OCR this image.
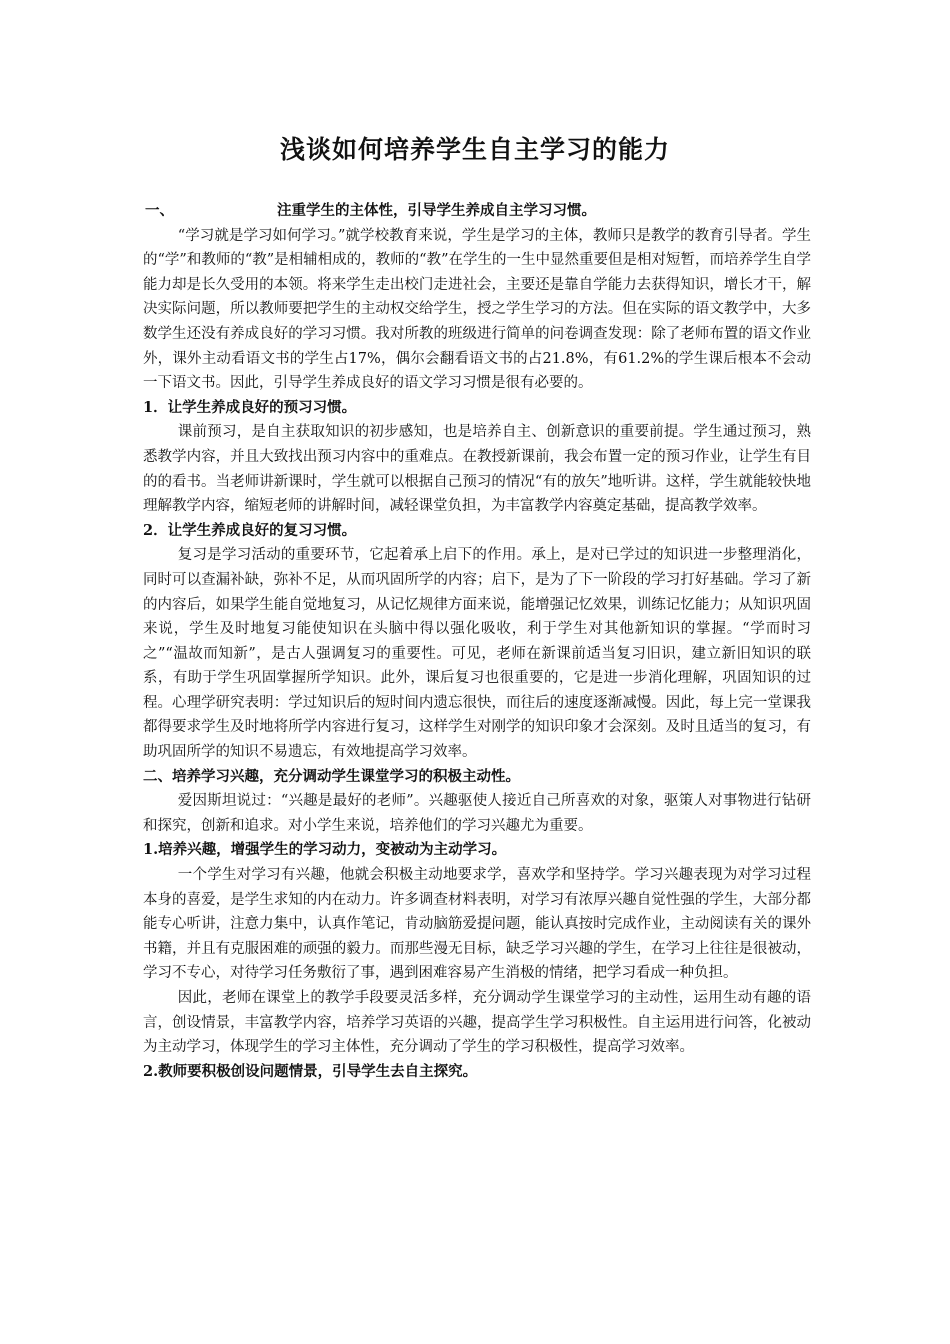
浅谈如何培养学生自主学习的能力
一、	注重学生的主体性，引导学生养成自主学习习惯。

“学习就是学习如何学习。”就学校教育来说，学生是学习的主体，教师只是教学的教育引导者。学生的“学”和教师的“教”是相辅相成的，教师的“教”在学生的一生中显然重要但是相对短暂，而培养学生自学能力却是长久受用的本领。将来学生走出校门走进社会，主要还是靠自学能力去获得知识，增长才干，解决实际问题，所以教师要把学生的主动权交给学生，授之学生学习的方法。但在实际的语文教学中，大多数学生还没有养成良好的学习习惯。我对所教的班级进行简单的问卷调查发现：除了老师布置的语文作业外，课外主动看语文书的学生占17%，偶尔会翻看语文书的占21.8%，有61.2%的学生课后根本不会动一下语文书。因此，引导学生养成良好的语文学习习惯是很有必要的。

1．让学生养成良好的预习习惯。

课前预习，是自主获取知识的初步感知，也是培养自主、创新意识的重要前提。学生通过预习，熟悉教学内容，并且大致找出预习内容中的重难点。在教授新课前，我会布置一定的预习作业，让学生有目的的看书。当老师讲新课时，学生就可以根据自己预习的情况“有的放矢”地听讲。这样，学生就能较快地理解教学内容，缩短老师的讲解时间，减轻课堂负担，为丰富教学内容奠定基础，提高教学效率。

2．让学生养成良好的复习习惯。

复习是学习活动的重要环节，它起着承上启下的作用。承上，是对已学过的知识进一步整理消化，同时可以查漏补缺，弥补不足，从而巩固所学的内容；启下，是为了下一阶段的学习打好基础。学习了新的内容后，如果学生能自觉地复习，从记忆规律方面来说，能增强记忆效果，训练记忆能力；从知识巩固来说，学生及时地复习能使知识在头脑中得以强化吸收，利于学生对其他新知识的掌握。“学而时习之”“温故而知新”，是古人强调复习的重要性。可见，老师在新课前适当复习旧识，建立新旧知识的联系，有助于学生巩固掌握所学知识。此外，课后复习也很重要的，它是进一步消化理解，巩固知识的过程。心理学研究表明：学过知识后的短时间内遗忘很快，而往后的速度逐渐减慢。因此，每上完一堂课我都得要求学生及时地将所学内容进行复习，这样学生对刚学的知识印象才会深刻。及时且适当的复习，有助巩固所学的知识不易遗忘，有效地提高学习效率。

二、培养学习兴趣，充分调动学生课堂学习的积极主动性。

爱因斯坦说过：“兴趣是最好的老师”。兴趣驱使人接近自己所喜欢的对象，驱策人对事物进行钻研和探究，创新和追求。对小学生来说，培养他们的学习兴趣尤为重要。

1.培养兴趣，增强学生的学习动力，变被动为主动学习。

一个学生对学习有兴趣，他就会积极主动地要求学，喜欢学和坚持学。学习兴趣表现为对学习过程本身的喜爱，是学生求知的内在动力。许多调查材料表明，对学习有浓厚兴趣自觉性强的学生，大部分都能专心听讲，注意力集中，认真作笔记，肯动脑筋爱提问题，能认真按时完成作业，主动阅读有关的课外书籍，并且有克服困难的顽强的毅力。而那些漫无目标，缺乏学习兴趣的学生，在学习上往往是很被动，学习不专心，对待学习任务敷衍了事，遇到困难容易产生消极的情绪，把学习看成一种负担。

因此，老师在课堂上的教学手段要灵活多样，充分调动学生课堂学习的主动性，运用生动有趣的语言，创设情景，丰富教学内容，培养学习英语的兴趣，提高学生学习积极性。自主运用进行问答，化被动为主动学习，体现学生的学习主体性，充分调动了学生的学习积极性，提高学习效率。

2.教师要积极创设问题情景，引导学生去自主探究。
